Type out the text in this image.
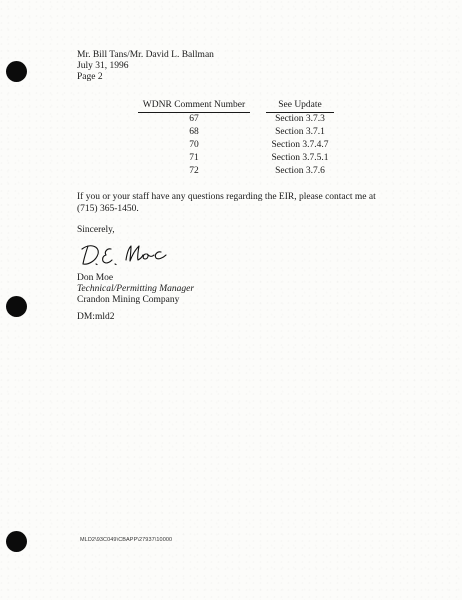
Mr. Bill Tans/Mr. David L. Ballman
July 31, 1996
Page 2
WDNR Comment Number		See Update
67		Section 3.7.3
68		Section 3.7.1
70		Section 3.7.4.7
71		Section 3.7.5.1
72		Section 3.7.6
If you or your staff have any questions regarding the EIR, please contact me at (715) 365-1450.
Sincerely,
Don Moe
Technical/Permitting Manager
Crandon Mining Company
DM:mld2
MLD2\93C049\CBAPP\27937\10000
